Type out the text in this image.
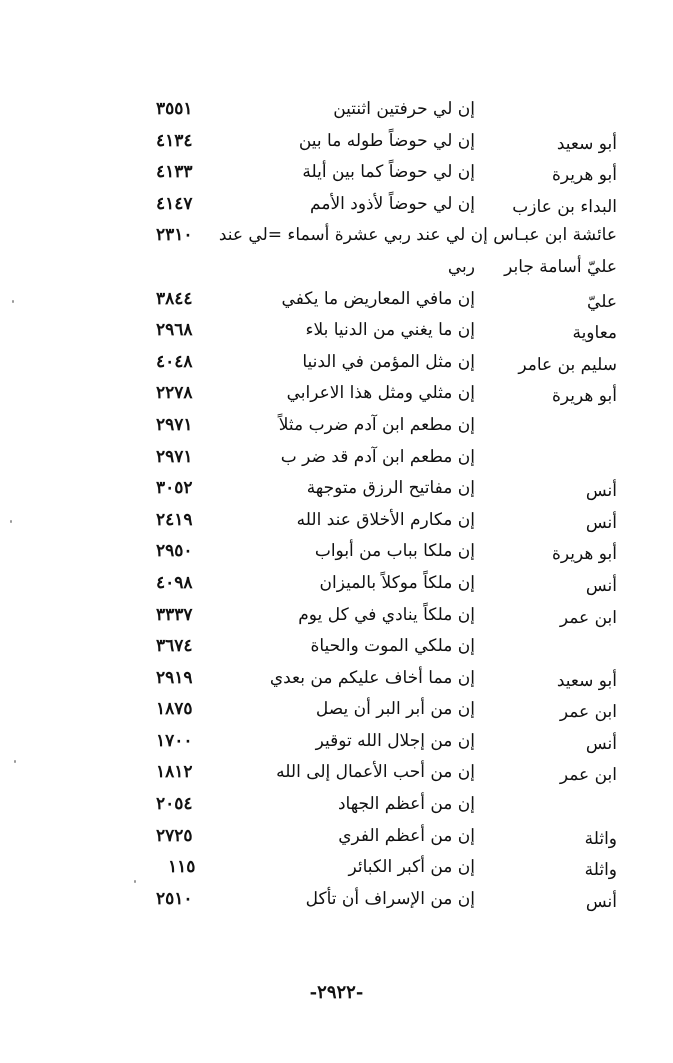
إن لي حرفتين اثنتين
٣٥٥١
أبو سعيد
إن لي حوضاً طوله ما بين
٤١٣٤
أبو هريرة
إن لي حوضاً كما بين أيلة
٤١٣٣
البداء بن عازب
إن لي حوضاً لأذود الأمم
٤١٤٧
عائشة ابن عبـاس إن لي عند ربي عشرة أسماء =لي عند
٢٣١٠
عليّ أسامة جابر
ربي
عليّ
إن مافي المعاريض ما يكفي
٣٨٤٤
معاوية
إن ما يغني من الدنيا بلاء
٢٩٦٨
سليم بن عامر
إن مثل المؤمن في الدنيا
٤٠٤٨
أبو هريرة
إن مثلي ومثل هذا الاعرابي
٢٢٧٨
إن مطعم ابن آدم ضرب مثلاً
٢٩٧١
إن مطعم ابن آدم قد ضر ب
٢٩٧١
أنس
إن مفاتيح الرزق متوجهة
٣٠٥٢
أنس
إن مكارم الأخلاق عند الله
٢٤١٩
أبو هريرة
إن ملكا بباب من أبواب
٢٩٥٠
أنس
إن ملكاً موكلاً بالميزان
٤٠٩٨
ابن عمر
إن ملكاً ينادي في كل يوم
٣٣٣٧
إن ملكي الموت والحياة
٣٦٧٤
أبو سعيد
إن مما أخاف عليكم من بعدي
٢٩١٩
ابن عمر
إن من أبر البر أن يصل
١٨٧٥
أنس
إن من إجلال الله توقير
١٧٠٠
ابن عمر
إن من أحب الأعمال إلى الله
١٨١٢
إن من أعظم الجهاد
٢٠٥٤
واثلة
إن من أعظم الفري
٢٧٢٥
واثلة
إن من أكبر الكبائر
١١٥
أنس
إن من الإسراف أن تأكل
٢٥١٠
-٢٩٢٢-
